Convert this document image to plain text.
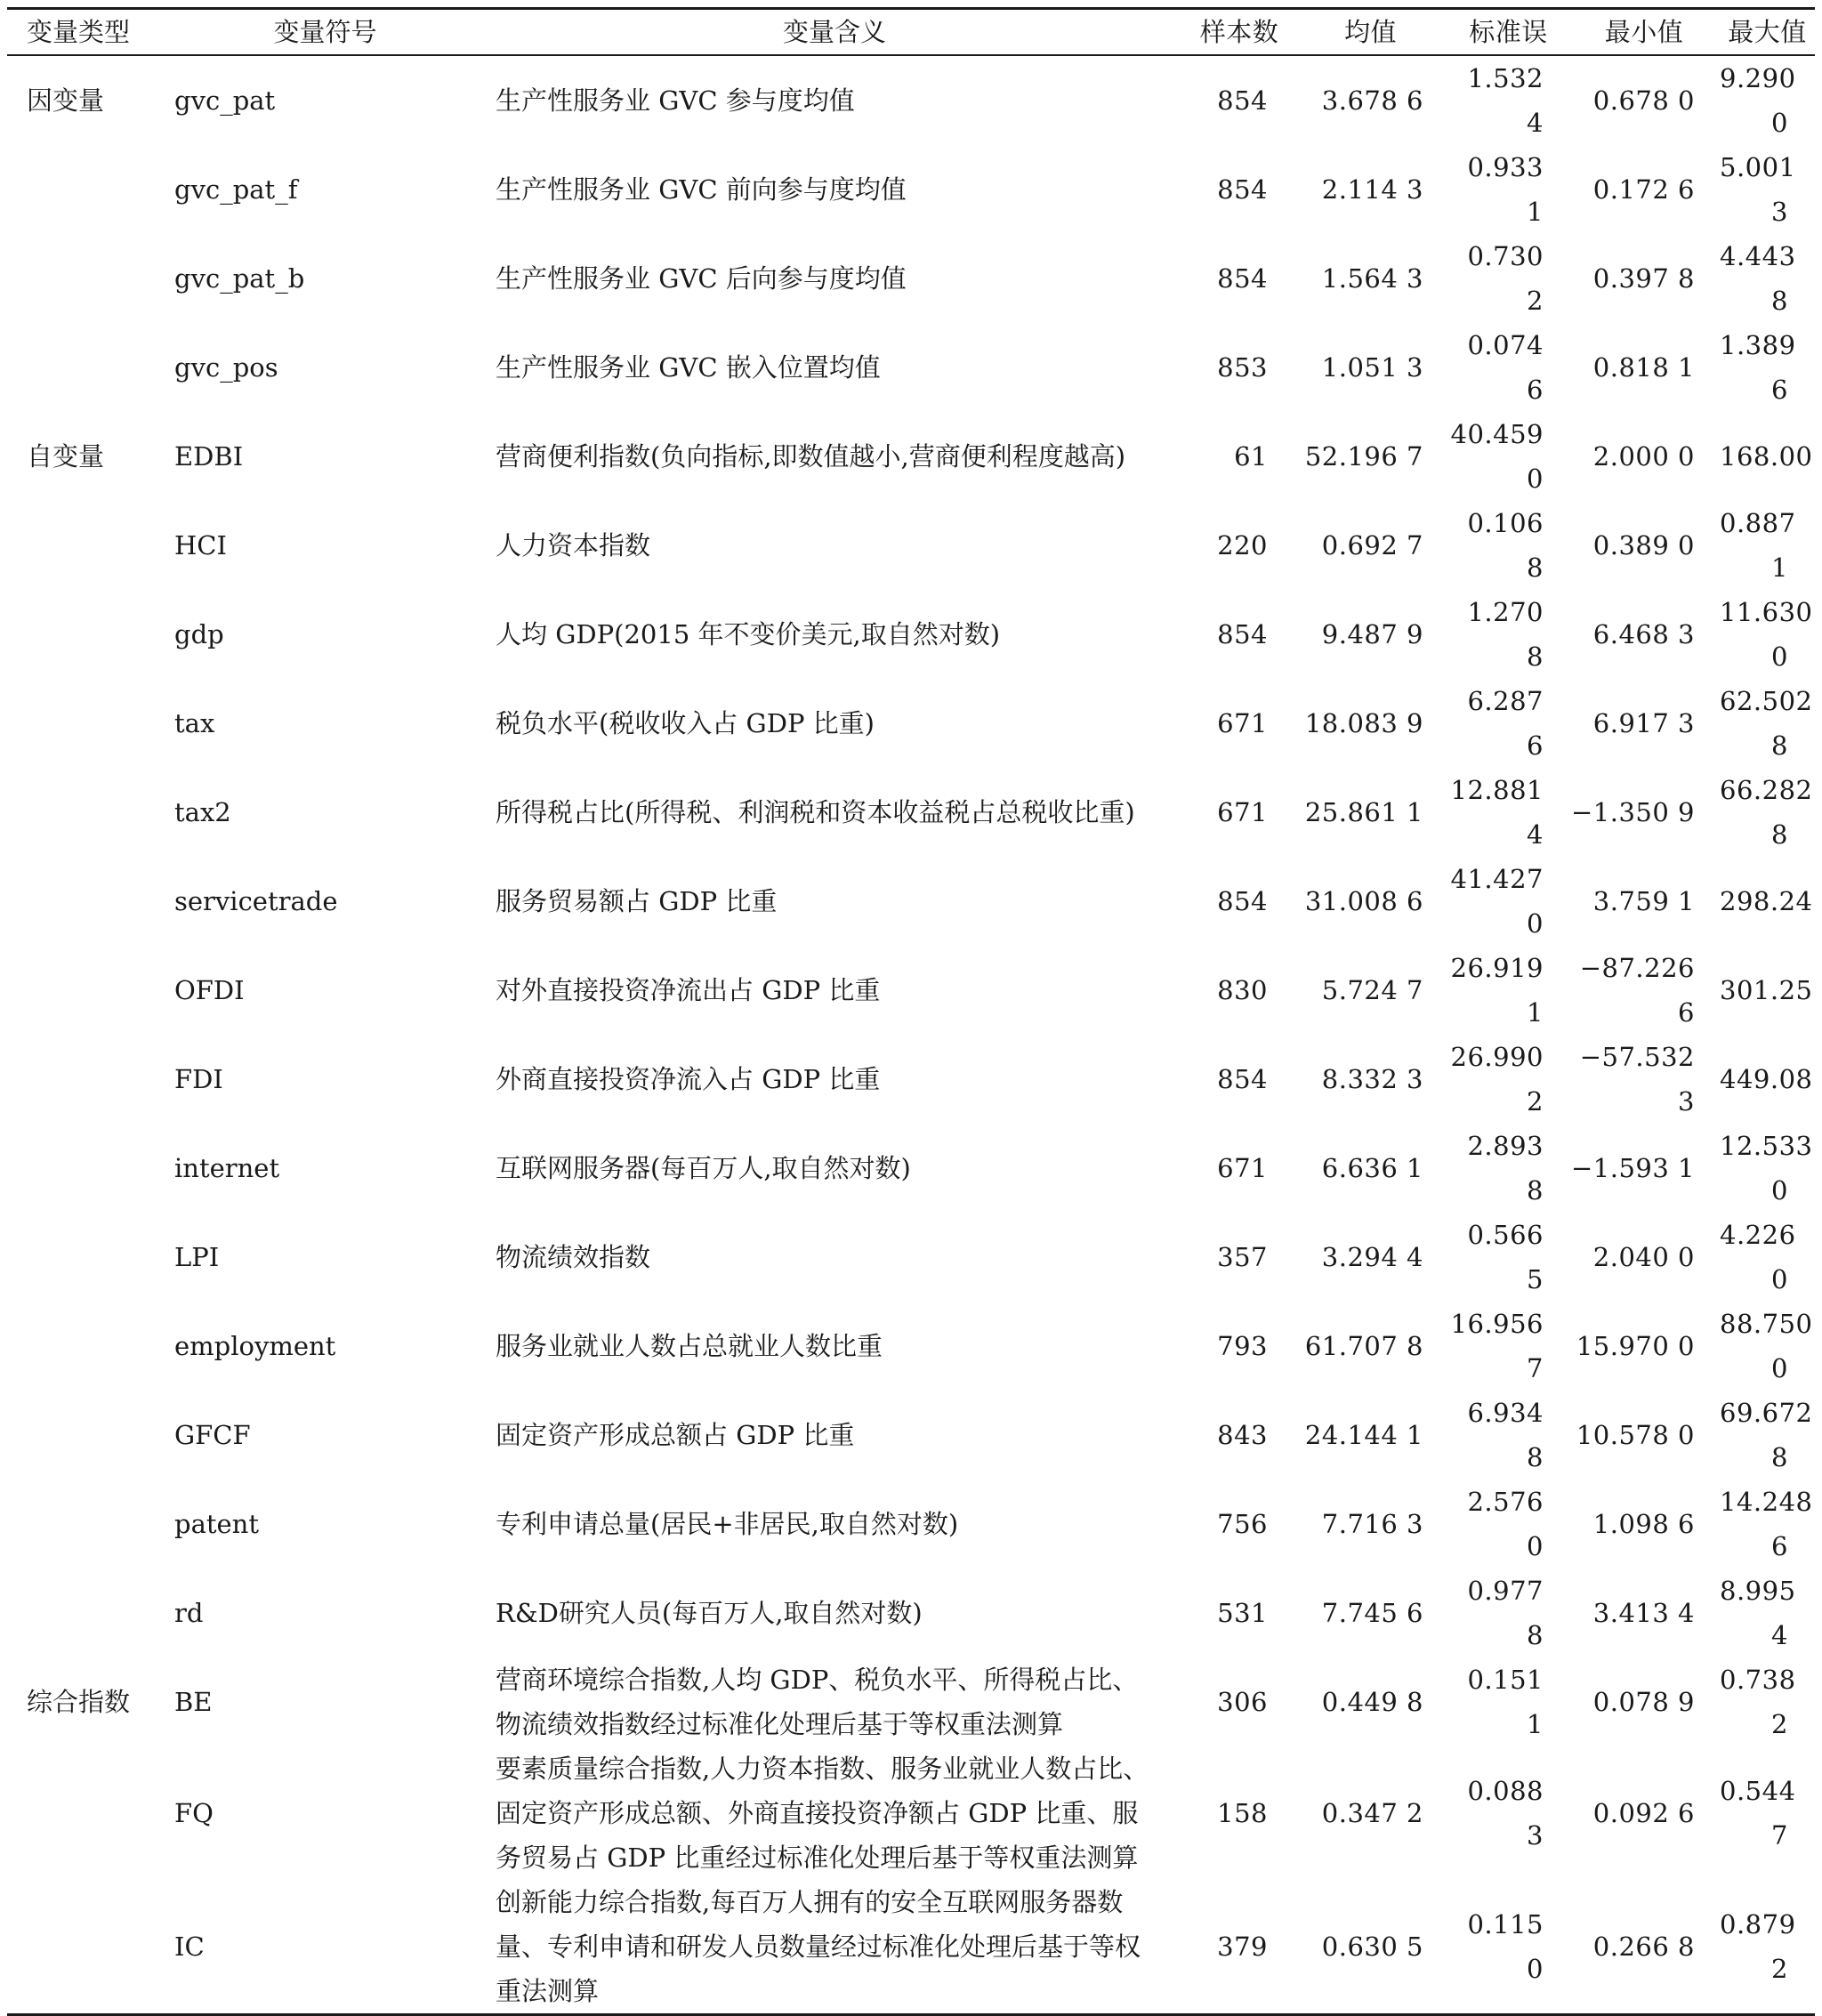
变量类型	变量符号	变量含义	样本数	均值	标准误	最小值	最大值
因变量	gvc_pat	生产性服务业 GVC 参与度均值	854	3.678 6	1.532 4	0.678 0	9.290 0
	gvc_pat_f	生产性服务业 GVC 前向参与度均值	854	2.114 3	0.933 1	0.172 6	5.001 3
	gvc_pat_b	生产性服务业 GVC 后向参与度均值	854	1.564 3	0.730 2	0.397 8	4.443 8
	gvc_pos	生产性服务业 GVC 嵌入位置均值	853	1.051 3	0.074 6	0.818 1	1.389 6
自变量	EDBI	营商便利指数(负向指标,即数值越小,营商便利程度越高)	61	52.196 7	40.459 0	2.000 0	168.00
	HCI	人力资本指数	220	0.692 7	0.106 8	0.389 0	0.887 1
	gdp	人均 GDP(2015 年不变价美元,取自然对数)	854	9.487 9	1.270 8	6.468 3	11.630 0
	tax	税负水平(税收收入占 GDP 比重)	671	18.083 9	6.287 6	6.917 3	62.502 8
	tax2	所得税占比(所得税、利润税和资本收益税占总税收比重)	671	25.861 1	12.881 4	−1.350 9	66.282 8
	servicetrade	服务贸易额占 GDP 比重	854	31.008 6	41.427 0	3.759 1	298.24
	OFDI	对外直接投资净流出占 GDP 比重	830	5.724 7	26.919 1	−87.226 6	301.25
	FDI	外商直接投资净流入占 GDP 比重	854	8.332 3	26.990 2	−57.532 3	449.08
	internet	互联网服务器(每百万人,取自然对数)	671	6.636 1	2.893 8	−1.593 1	12.533 0
	LPI	物流绩效指数	357	3.294 4	0.566 5	2.040 0	4.226 0
	employment	服务业就业人数占总就业人数比重	793	61.707 8	16.956 7	15.970 0	88.750 0
	GFCF	固定资产形成总额占 GDP 比重	843	24.144 1	6.934 8	10.578 0	69.672 8
	patent	专利申请总量(居民+非居民,取自然对数)	756	7.716 3	2.576 0	1.098 6	14.248 6
	rd	R&D研究人员(每百万人,取自然对数)	531	7.745 6	0.977 8	3.413 4	8.995 4
综合指数	BE	营商环境综合指数,人均 GDP、税负水平、所得税占比、物流绩效指数经过标准化处理后基于等权重法测算	306	0.449 8	0.151 1	0.078 9	0.738 2
	FQ	要素质量综合指数,人力资本指数、服务业就业人数占比、固定资产形成总额、外商直接投资净额占 GDP 比重、服务贸易占 GDP 比重经过标准化处理后基于等权重法测算	158	0.347 2	0.088 3	0.092 6	0.544 7
	IC	创新能力综合指数,每百万人拥有的安全互联网服务器数量、专利申请和研发人员数量经过标准化处理后基于等权重法测算	379	0.630 5	0.115 0	0.266 8	0.879 2
